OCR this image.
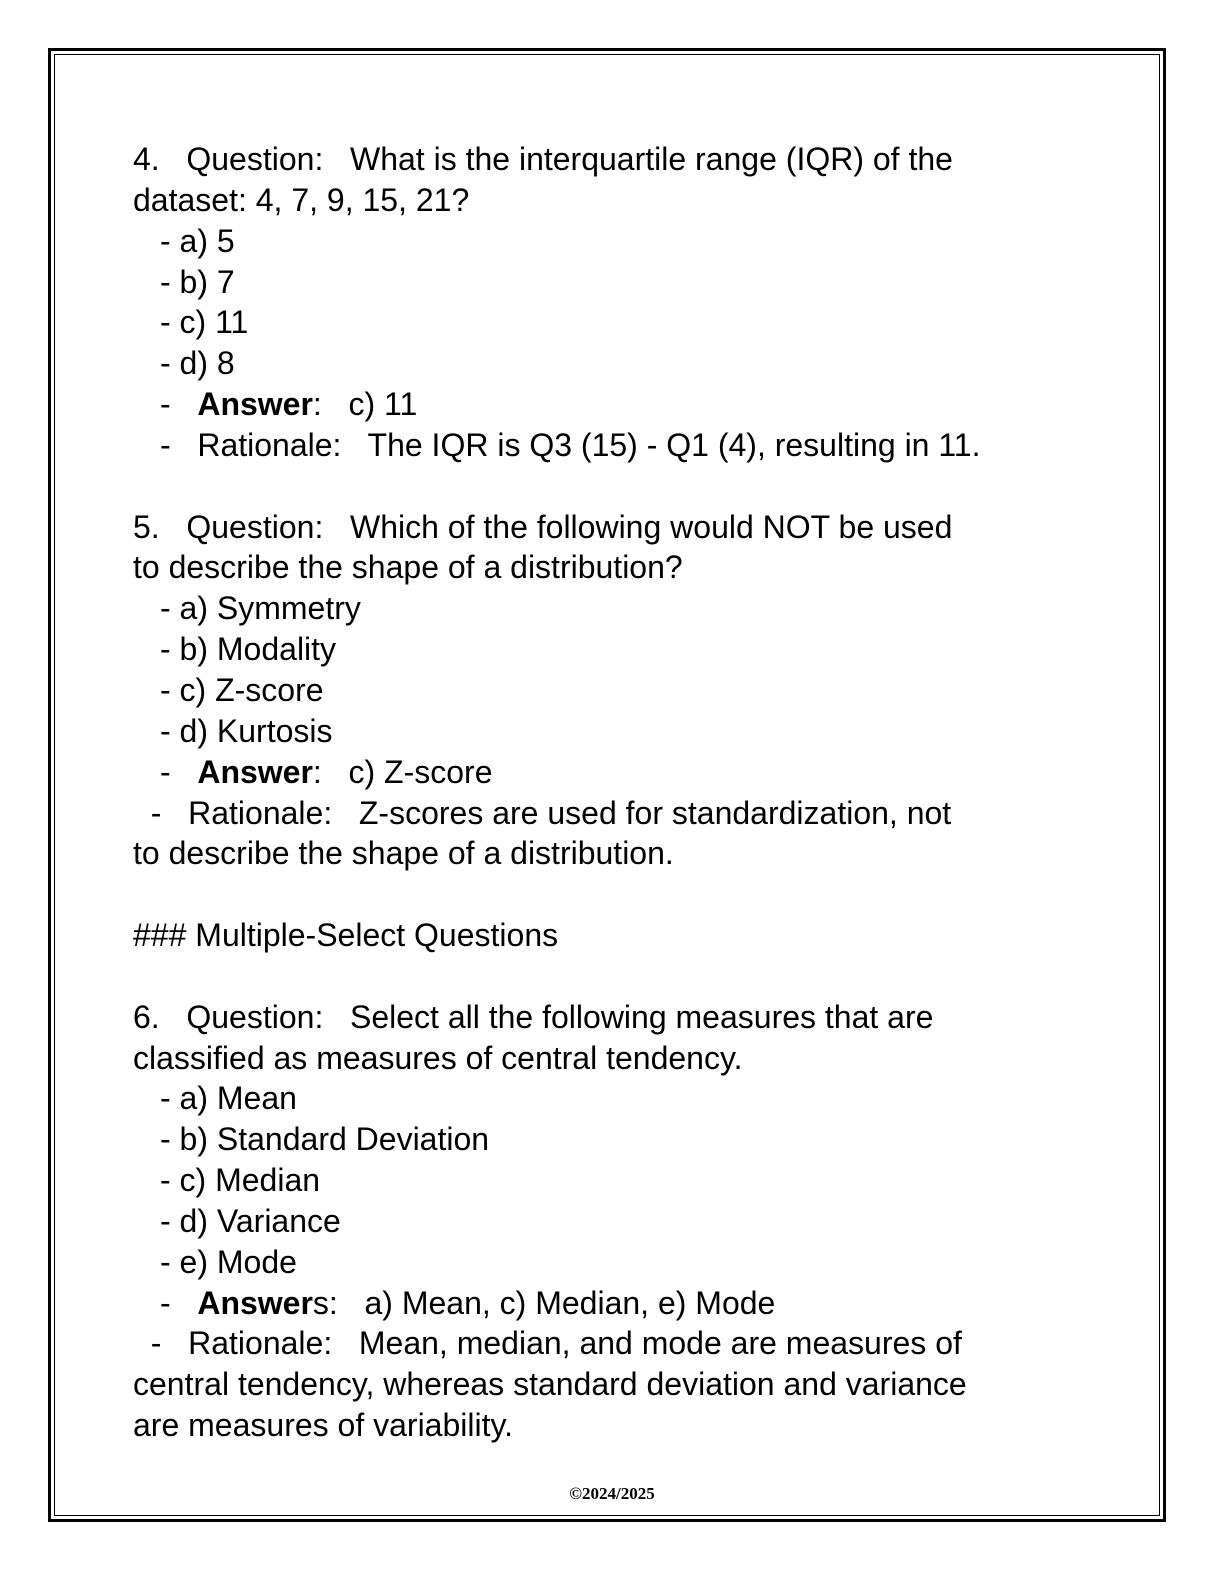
4.   Question:   What is the interquartile range (IQR) of the
dataset: 4, 7, 9, 15, 21?
- a) 5
- b) 7
- c) 11
- d) 8
-   Answer:   c) 11
-   Rationale:   The IQR is Q3 (15) - Q1 (4), resulting in 11.
5.   Question:   Which of the following would NOT be used
to describe the shape of a distribution?
- a) Symmetry
- b) Modality
- c) Z-score
- d) Kurtosis
-   Answer:   c) Z-score
-   Rationale:   Z-scores are used for standardization, not
to describe the shape of a distribution.
### Multiple-Select Questions
6.   Question:   Select all the following measures that are
classified as measures of central tendency.
- a) Mean
- b) Standard Deviation
- c) Median
- d) Variance
- e) Mode
-   Answers:   a) Mean, c) Median, e) Mode
-   Rationale:   Mean, median, and mode are measures of
central tendency, whereas standard deviation and variance
are measures of variability.
©2024/2025
